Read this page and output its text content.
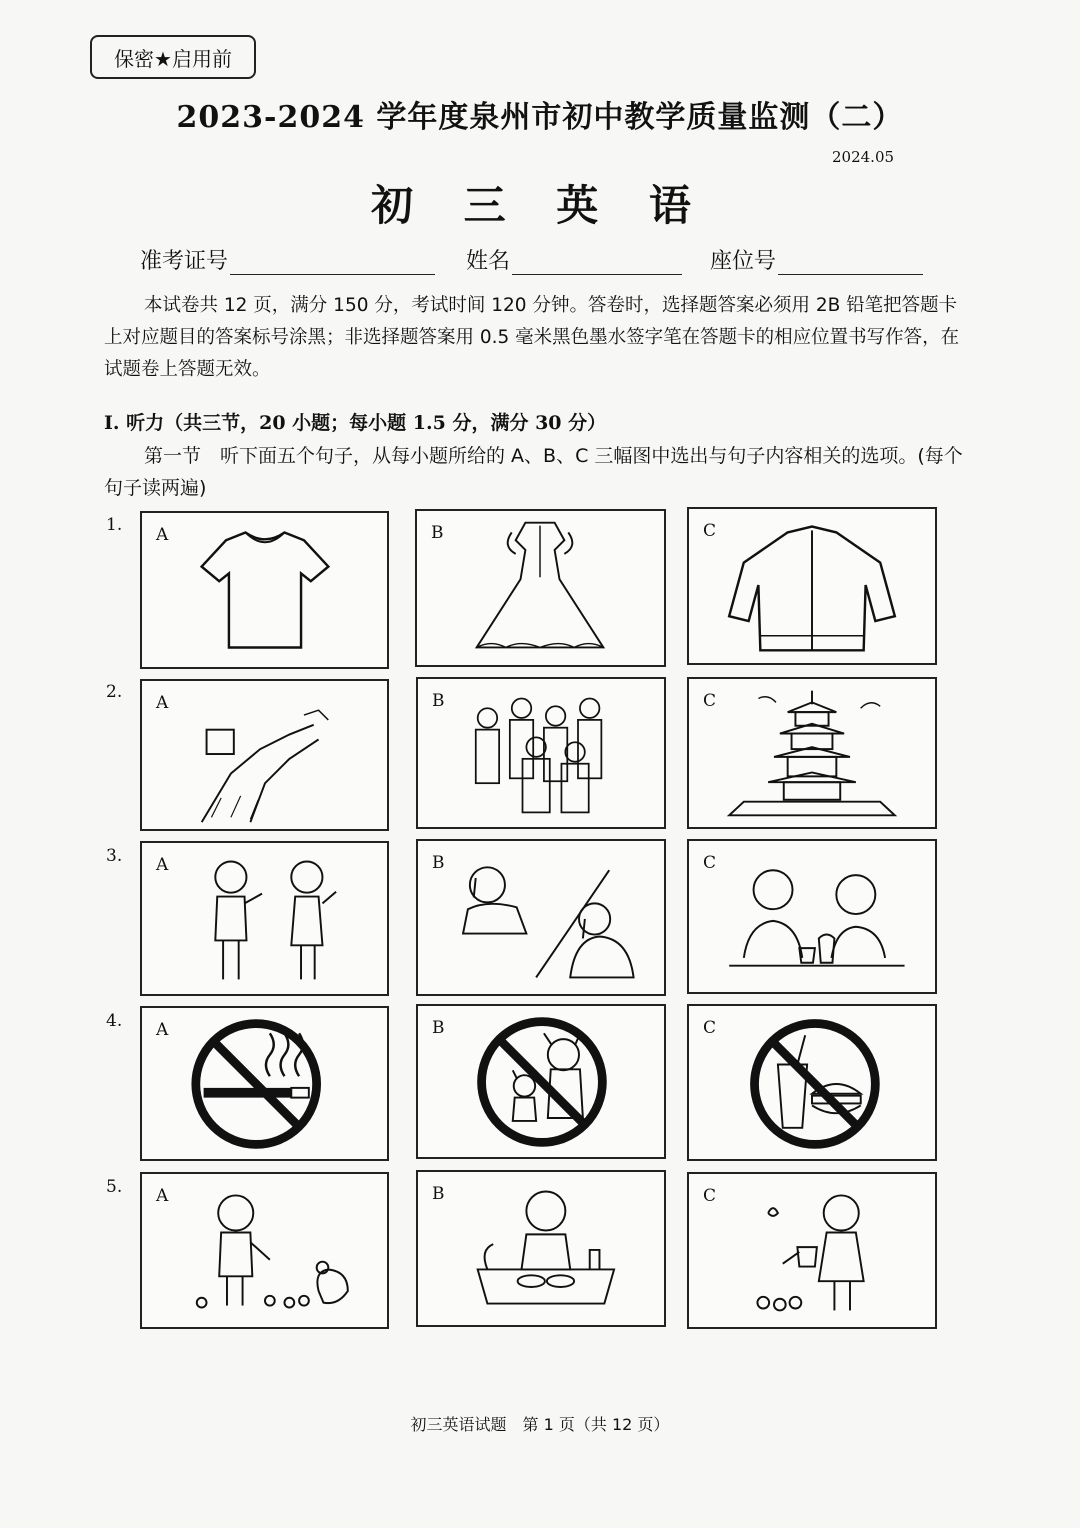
保密★启用前
2023-2024 学年度泉州市初中教学质量监测（二）
2024.05
初 三 英 语
准考证号	姓名	座位号
本试卷共 12 页，满分 150 分，考试时间 120 分钟。答卷时，选择题答案必须用 2B 铅笔把答题卡上对应题目的答案标号涂黑；非选择题答案用 0.5 毫米黑色墨水签字笔在答题卡的相应位置书写作答，在试题卷上答题无效。
I. 听力（共三节，20 小题；每小题 1.5 分，满分 30 分）
第一节　听下面五个句子，从每小题所给的 A、B、C 三幅图中选出与句子内容相关的选项。(每个句子读两遍)
1. A	B	C
2.
A	B	C
3. A	B	C
4. A	B	C
5. A	B	C
初三英语试题　第 1 页（共 12 页）
